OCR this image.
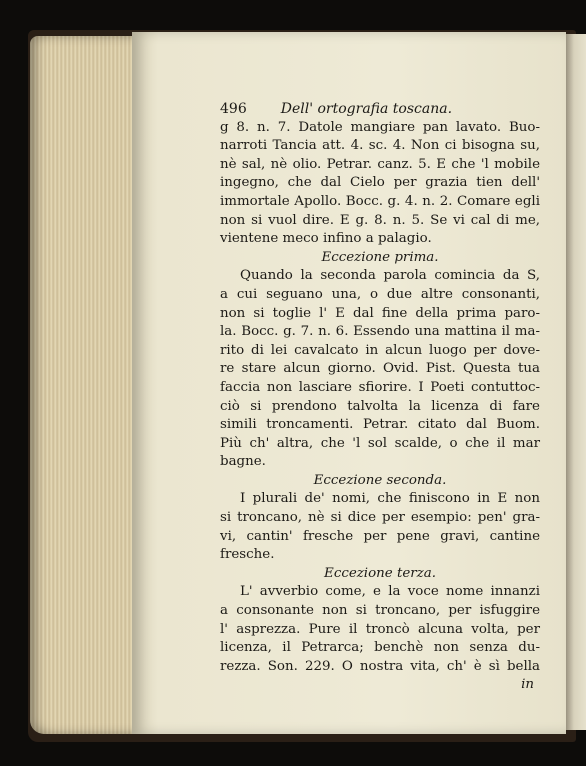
496 Dell' ortografia toscana.
g 8. n. 7. Datole mangiare pan lavato. Buo-
narroti Tancia att. 4. sc. 4. Non ci bisogna su,
nè sal, nè olio. Petrar. canz. 5. E che 'l mobile
ingegno, che dal Cielo per grazia tien dell'
immortale Apollo. Bocc. g. 4. n. 2. Comare egli
non si vuol dire. E g. 8. n. 5. Se vi cal di me,
vientene meco infino a palagio.
Eccezione prima.
Quando la seconda parola comincia da S,
a cui seguano una, o due altre consonanti,
non si toglie l' E dal fine della prima paro-
la. Bocc. g. 7. n. 6. Essendo una mattina il ma-
rito di lei cavalcato in alcun luogo per dove-
re stare alcun giorno. Ovid. Pist. Questa tua
faccia non lasciare sfiorire. I Poeti contuttoc-
ciò si prendono talvolta la licenza di fare
simili troncamenti. Petrar. citato dal Buom.
Più ch' altra, che 'l sol scalde, o che il mar
bagne.
Eccezione seconda.
I plurali de' nomi, che finiscono in E non
si troncano, nè si dice per esempio: pen' gra-
vi, cantin' fresche per pene gravi, cantine
fresche.
Eccezione terza.
L' avverbio come, e la voce nome innanzi
a consonante non si troncano, per isfuggire
l' asprezza. Pure il troncò alcuna volta, per
licenza, il Petrarca; benchè non senza du-
rezza. Son. 229. O nostra vita, ch' è sì bella
in
